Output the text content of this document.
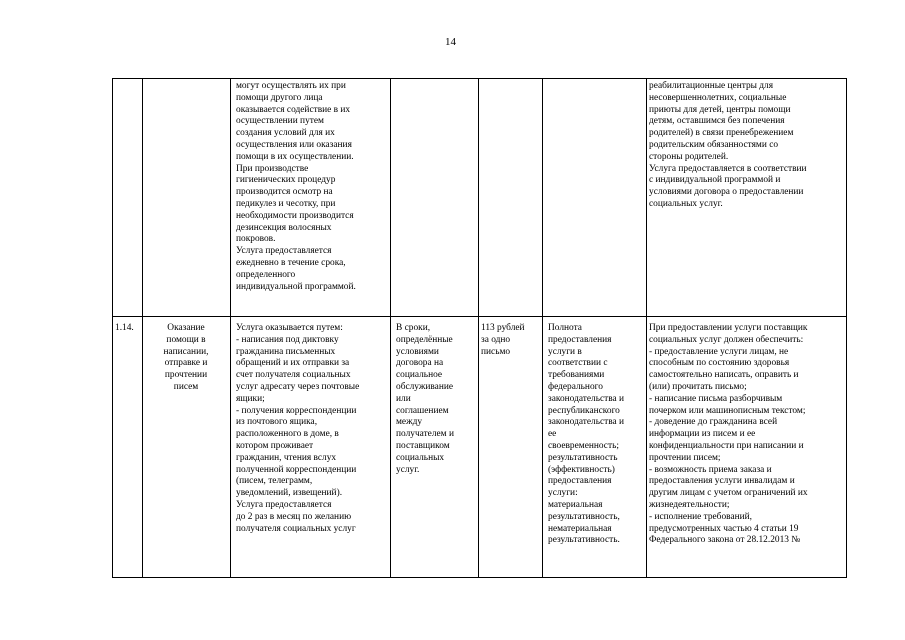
14
могут осуществлять их при
помощи другого лица
оказывается содействие в их
осуществлении путем
создания условий для их
осуществления или оказания
помощи в их осуществлении.
При производстве
гигиенических процедур
производится осмотр на
педикулез и чесотку, при
необходимости производится
дезинсекция волосяных
покровов.
Услуга предоставляется
ежедневно в течение срока,
определенного
индивидуальной программой.
реабилитационные центры для
несовершеннолетних, социальные
приюты для детей, центры помощи
детям, оставшимся без попечения
родителей) в связи пренебрежением
родительским обязанностями со
стороны родителей.
Услуга предоставляется в соответствии
с индивидуальной программой и
условиями договора о предоставлении
социальных услуг.
1.14.	Оказание
помощи в
написании,
отправке и
прочтении
писем
Услуга оказывается путем:
- написания под диктовку
гражданина письменных
обращений и их отправки за
счет получателя социальных
услуг адресату через почтовые
ящики;
- получения корреспонденции
из почтового ящика,
расположенного в доме, в
котором проживает
гражданин, чтения вслух
полученной корреспонденции
(писем, телеграмм,
уведомлений, извещений).
Услуга предоставляется
до 2 раз в месяц по желанию
получателя социальных услуг
В сроки,
определённые
условиями
договора на
социальное
обслуживание
или
соглашением
между
получателем и
поставщиком
социальных
услуг.
113 рублей
за одно
письмо
Полнота
предоставления
услуги в
соответствии с
требованиями
федерального
законодательства и
республиканского
законодательства и
ее
своевременность;
результативность
(эффективность)
предоставления
услуги:
материальная
результативность,
нематериальная
результативность.
При предоставлении услуги поставщик
социальных услуг должен обеспечить:
- предоставление услуги лицам, не
способным по состоянию здоровья
самостоятельно написать, оправить и
(или) прочитать письмо;
- написание письма разборчивым
почерком или машинописным текстом;
- доведение до гражданина всей
информации из писем и ее
конфиденциальности при написании и
прочтении писем;
- возможность приема заказа и
предоставления услуги инвалидам и
другим лицам с учетом ограничений их
жизнедеятельности;
- исполнение требований,
предусмотренных частью 4 статьи 19
Федерального закона от 28.12.2013 №
